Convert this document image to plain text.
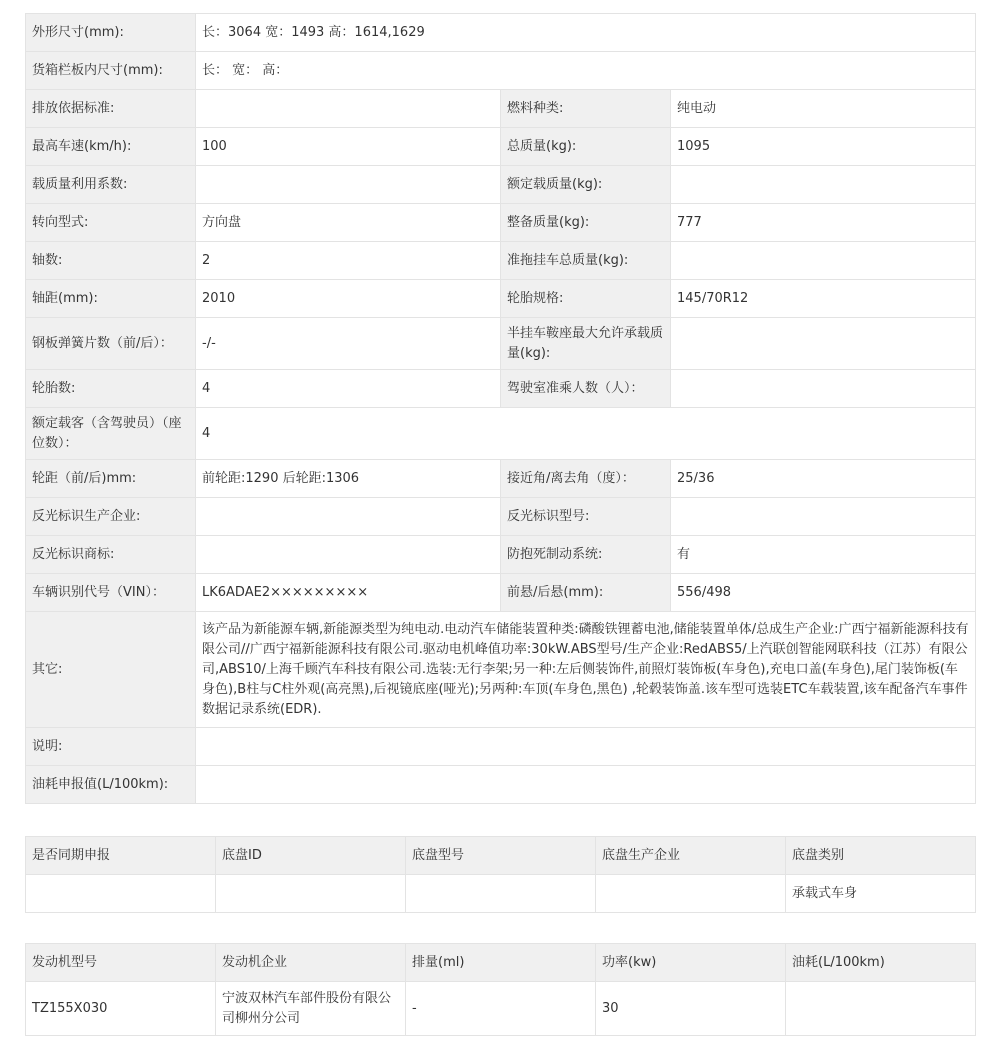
外形尺寸(mm):	长：3064 宽：1493 高：1614,1629		
货箱栏板内尺寸(mm):	长： 宽： 高：		
排放依据标准:		燃料种类:	纯电动
最高车速(km/h):	100	总质量(kg):	1095
载质量利用系数:		额定载质量(kg):	
转向型式:	方向盘	整备质量(kg):	777
轴数:	2	准拖挂车总质量(kg):	
轴距(mm):	2010	轮胎规格:	145/70R12
钢板弹簧片数（前/后）：	-/-	半挂车鞍座最大允许承载质量(kg):	
轮胎数:	4	驾驶室准乘人数（人）：	
额定载客（含驾驶员）（座位数）：	4		
轮距（前/后)mm:	前轮距:1290 后轮距:1306	接近角/离去角（度）：	25/36
反光标识生产企业:		反光标识型号:	
反光标识商标:		防抱死制动系统:	有
车辆识别代号（VIN）：	LK6ADAE2×××××××××	前悬/后悬(mm):	556/498
其它:	该产品为新能源车辆,新能源类型为纯电动.电动汽车储能装置种类:磷酸铁锂蓄电池,储能装置单体/总成生产企业:广西宁福新能源科技有限公司//广西宁福新能源科技有限公司.驱动电机峰值功率:30kW.ABS型号/生产企业:RedABS5/上汽联创智能网联科技（江苏）有限公司,ABS10/上海千顾汽车科技有限公司.选装:无行李架;另一种:左后侧装饰件,前照灯装饰板(车身色),充电口盖(车身色),尾门装饰板(车身色),B柱与C柱外观(高亮黑),后视镜底座(哑光);另两种:车顶(车身色,黑色) ,轮毂装饰盖.该车型可选装ETC车载装置,该车配备汽车事件数据记录系统(EDR).		
说明:			
油耗申报值(L/100km):			
是否同期申报	底盘ID	底盘型号	底盘生产企业	底盘类别
				承载式车身
发动机型号	发动机企业	排量(ml)	功率(kw)	油耗(L/100km)
TZ155X030	宁波双林汽车部件股份有限公司柳州分公司	-	30	
